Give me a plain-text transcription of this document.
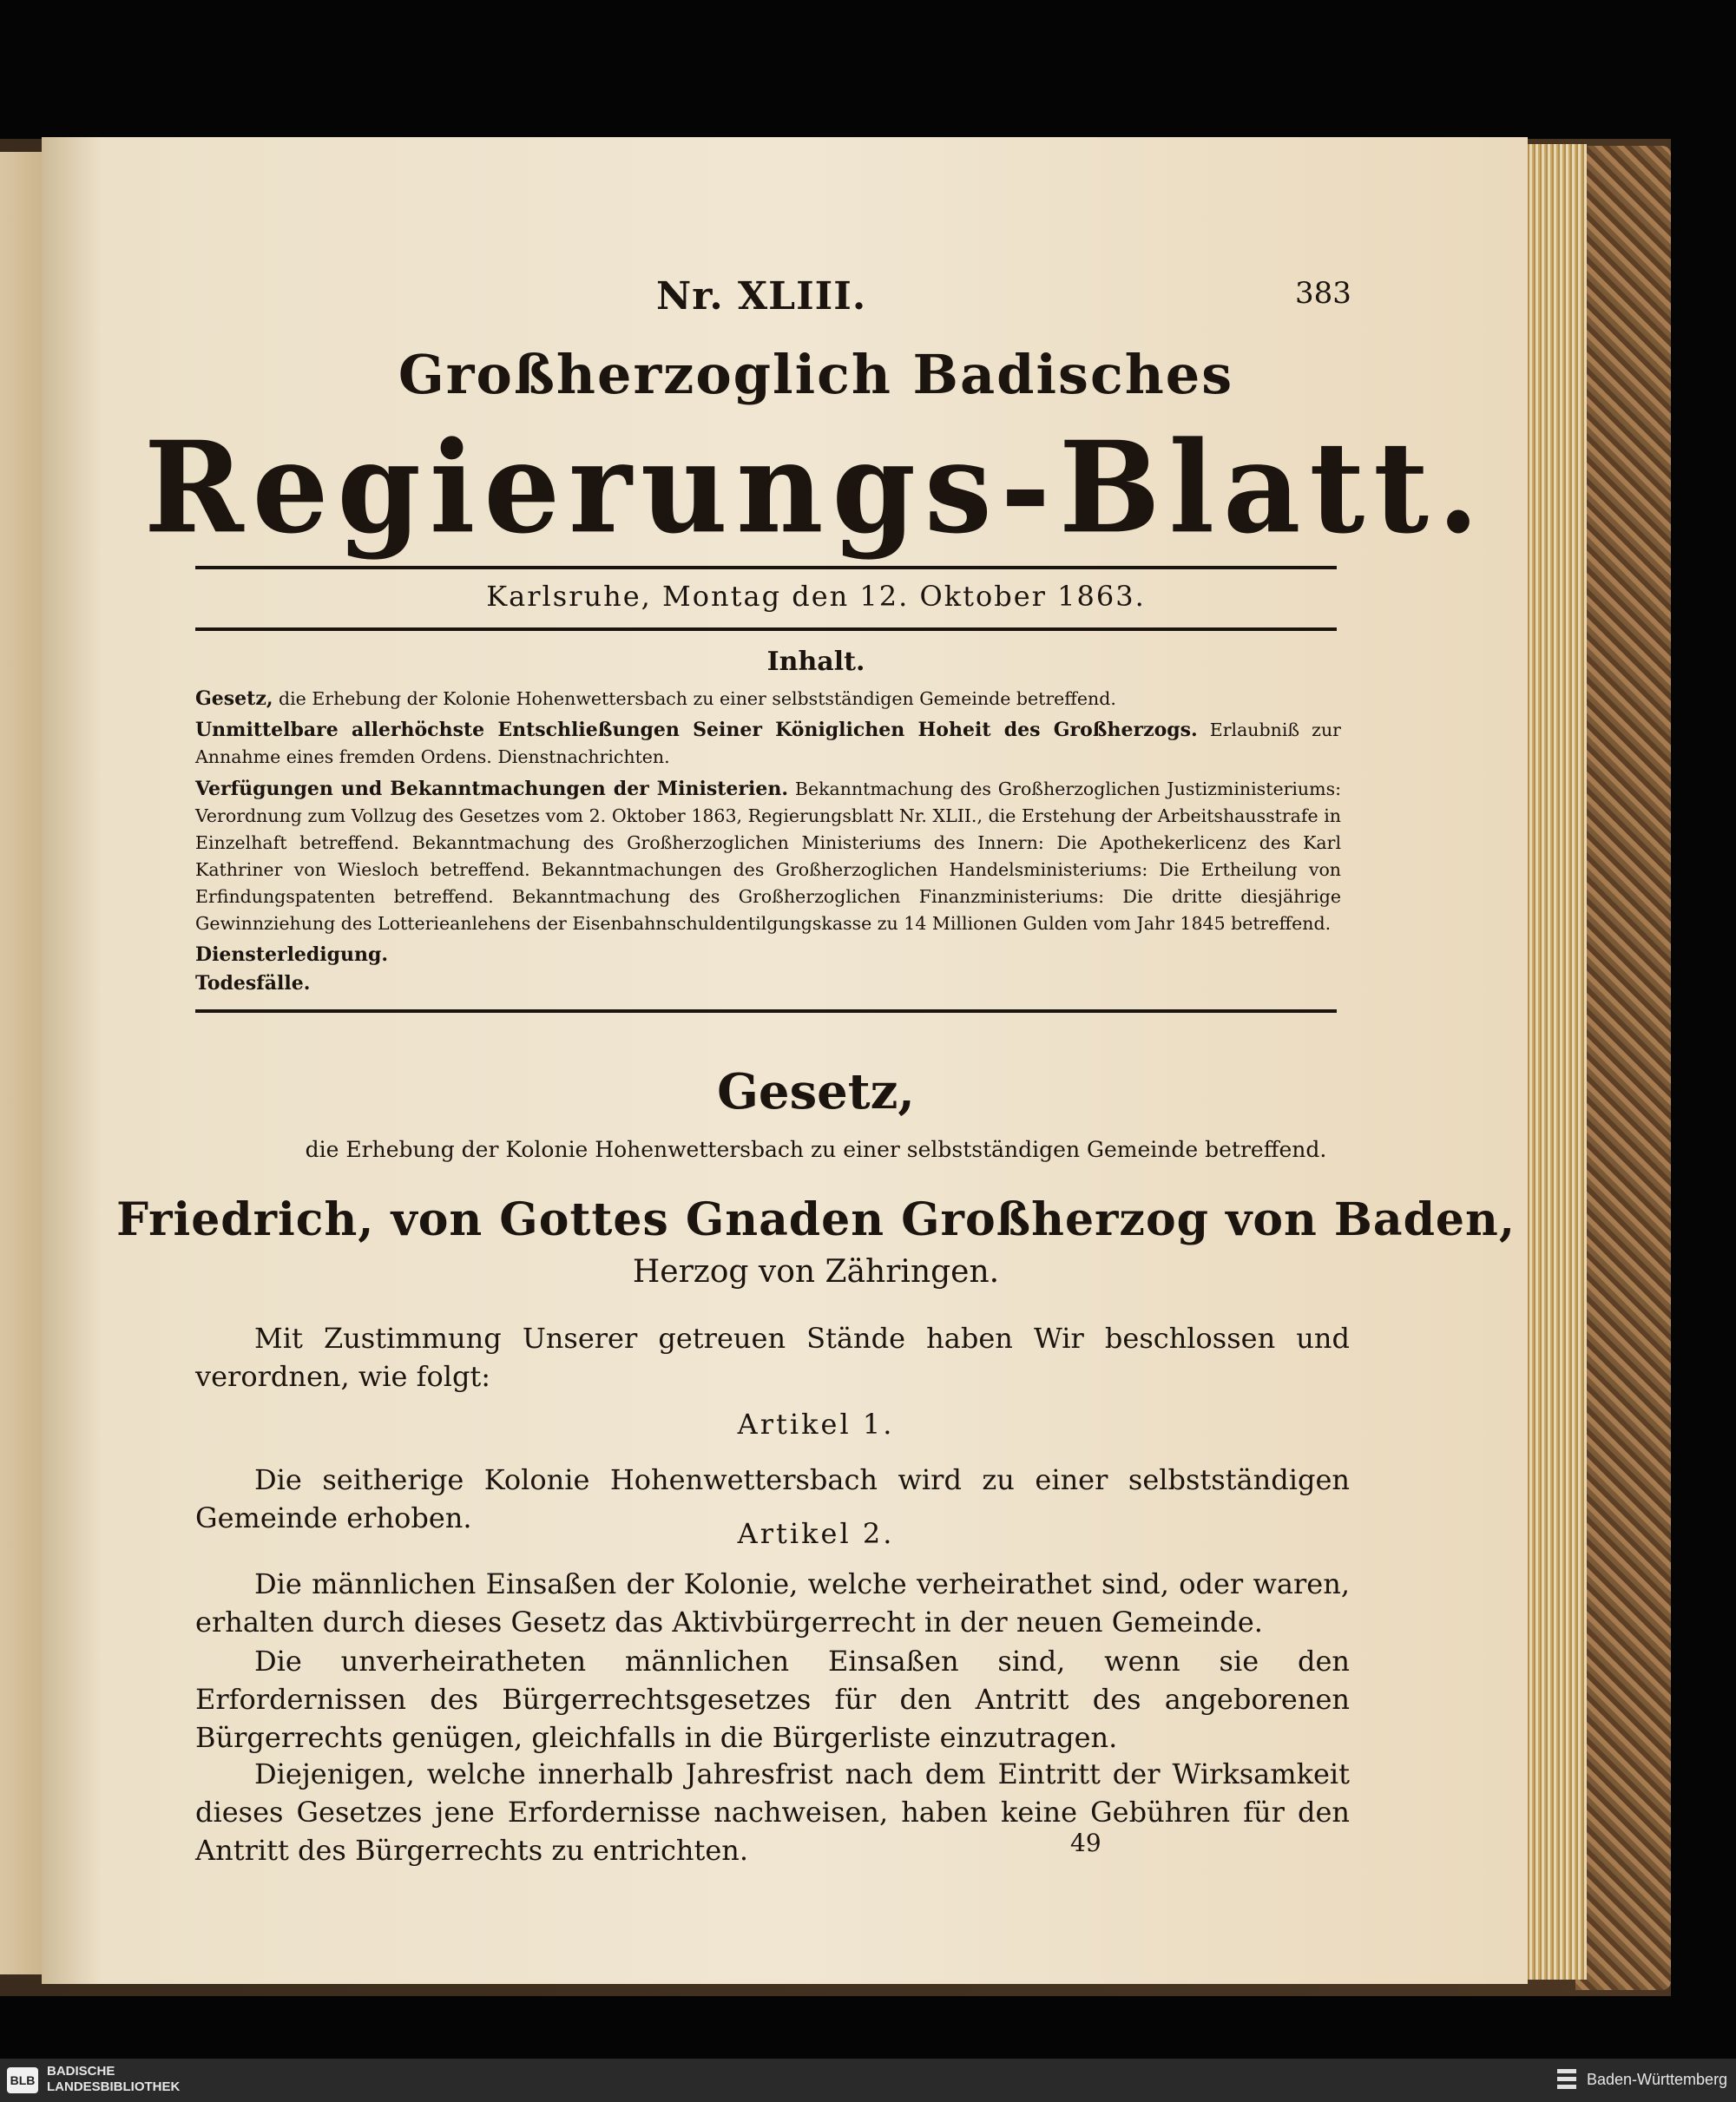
Nr. XLIII.	383
Großherzoglich Badisches
Regierungs-Blatt.
Karlsruhe, Montag den 12. Oktober 1863.
Inhalt.
Gesetz, die Erhebung der Kolonie Hohenwettersbach zu einer selbstständigen Gemeinde betreffend.
Unmittelbare allerhöchste Entschließungen Seiner Königlichen Hoheit des Großherzogs. Erlaubniß zur Annahme eines fremden Ordens. Dienstnachrichten.
Verfügungen und Bekanntmachungen der Ministerien. Bekanntmachung des Großherzoglichen Justizministeriums: Verordnung zum Vollzug des Gesetzes vom 2. Oktober 1863, Regierungsblatt Nr. XLII., die Erstehung der Arbeitshausstrafe in Einzelhaft betreffend. Bekanntmachung des Großherzoglichen Ministeriums des Innern: Die Apothekerlicenz des Karl Kathriner von Wiesloch betreffend. Bekanntmachungen des Großherzoglichen Handelsministeriums: Die Ertheilung von Erfindungspatenten betreffend. Bekanntmachung des Großherzoglichen Finanzministeriums: Die dritte diesjährige Gewinnziehung des Lotterieanlehens der Eisenbahnschuldentilgungskasse zu 14 Millionen Gulden vom Jahr 1845 betreffend.
Diensterledigung.
Todesfälle.
Gesetz,
die Erhebung der Kolonie Hohenwettersbach zu einer selbstständigen Gemeinde betreffend.
Friedrich, von Gottes Gnaden Großherzog von Baden,
Herzog von Zähringen.
Mit Zustimmung Unserer getreuen Stände haben Wir beschlossen und verordnen, wie folgt:
Artikel 1.
Die seitherige Kolonie Hohenwettersbach wird zu einer selbstständigen Gemeinde erhoben.	Artikel 2.
Die männlichen Einsaßen der Kolonie, welche verheirathet sind, oder waren, erhalten durch dieses Gesetz das Aktivbürgerrecht in der neuen Gemeinde.
Die unverheiratheten männlichen Einsaßen sind, wenn sie den Erfordernissen des Bürgerrechtsgesetzes für den Antritt des angeborenen Bürgerrechts genügen, gleichfalls in die Bürgerliste einzutragen.
Diejenigen, welche innerhalb Jahresfrist nach dem Eintritt der Wirksamkeit dieses Gesetzes jene Erfordernisse nachweisen, haben keine Gebühren für den Antritt des Bürgerrechts zu entrichten.	49
BLB
BADISCHE
LANDESBIBLIOTHEK	Baden-Württemberg
